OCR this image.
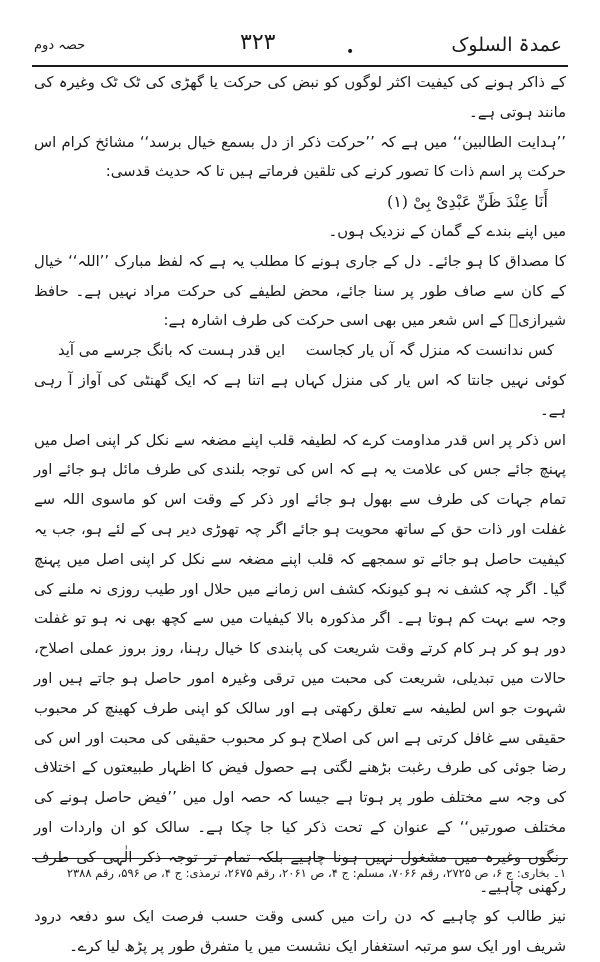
عمدۃ السلوک
۳۲۳	•
حصہ دوم

کے ذاکر ہونے کی کیفیت اکثر لوگوں کو نبض کی حرکت یا گھڑی کی ٹک ٹک وغیرہ کی مانند ہوتی ہے۔

’’ہدایت الطالبین‘‘ میں ہے کہ ’’حرکت ذکر از دل بسمع خیال برسد‘‘ مشائخ کرام اس حرکت پر اسم ذات کا تصور کرنے کی تلقین فرماتے ہیں تا کہ حدیث قدسی:

أَنَا عِنْدَ ظَنِّ عَبْدِیْ بِیْ (۱)

میں اپنے بندے کے گمان کے نزدیک ہوں۔

کا مصداق کا ہو جائے۔ دل کے جاری ہونے کا مطلب یہ ہے کہ لفظ مبارک ’’اللہ‘‘ خیال کے کان سے صاف طور پر سنا جائے، محض لطیفے کی حرکت مراد نہیں ہے۔ حافظ شیرازیؒ کے اس شعر میں بھی اسی حرکت کی طرف اشارہ ہے:

کس ندانست کہ منزل گہ آں یار کجاست
ایں قدر ہست کہ بانگ جرسے می آید

کوئی نہیں جانتا کہ اس یار کی منزل کہاں ہے اتنا ہے کہ ایک گھنٹی کی آواز آ رہی ہے۔

اس ذکر پر اس قدر مداومت کرے کہ لطیفہ قلب اپنے مضغہ سے نکل کر اپنی اصل میں پہنچ جائے جس کی علامت یہ ہے کہ اس کی توجہ بلندی کی طرف مائل ہو جائے اور تمام جہات کی طرف سے بھول ہو جائے اور ذکر کے وقت اس کو ماسوی اللہ سے غفلت اور ذات حق کے ساتھ محویت ہو جائے اگر چہ تھوڑی دیر ہی کے لئے ہو، جب یہ کیفیت حاصل ہو جائے تو سمجھے کہ قلب اپنے مضغہ سے نکل کر اپنی اصل میں پہنچ گیا۔ اگر چہ کشف نہ ہو کیونکہ کشف اس زمانے میں حلال اور طیب روزی نہ ملنے کی وجہ سے بہت کم ہوتا ہے۔ اگر مذکورہ بالا کیفیات میں سے کچھ بھی نہ ہو تو غفلت دور ہو کر ہر کام کرتے وقت شریعت کی پابندی کا خیال رہنا، روز بروز عملی اصلاح، حالات میں تبدیلی، شریعت کی محبت میں ترقی وغیرہ امور حاصل ہو جاتے ہیں اور شہوت جو اس لطیفہ سے تعلق رکھتی ہے اور سالک کو اپنی طرف کھینچ کر محبوب حقیقی سے غافل کرتی ہے اس کی اصلاح ہو کر محبوب حقیقی کی محبت اور اس کی رضا جوئی کی طرف رغبت بڑھنے لگتی ہے حصول فیض کا اظہار طبیعتوں کے اختلاف کی وجہ سے مختلف طور پر ہوتا ہے جیسا کہ حصہ اول میں ’’فیض حاصل ہونے کی مختلف صورتیں‘‘ کے عنوان کے تحت ذکر کیا جا چکا ہے۔ سالک کو ان واردات اور رنگوں وغیرہ میں مشغول نہیں ہونا چاہیے بلکہ تمام تر توجہ ذکر الٰہی کی طرف رکھنی چاہیے۔

نیز طالب کو چاہیے کہ دن رات میں کسی وقت حسب فرصت ایک سو دفعہ درود شریف اور ایک سو مرتبہ استغفار ایک نشست میں یا متفرق طور پر پڑھ لیا کرے۔

۱۔ بخاری: ج ۶، ص ۲۷۲۵، رقم ۷۰۶۶، مسلم: ج ۴، ص ۲۰۶۱، رقم ۲۶۷۵، ترمذی: ج ۴، ص ۵۹۶، رقم ۲۳۸۸
